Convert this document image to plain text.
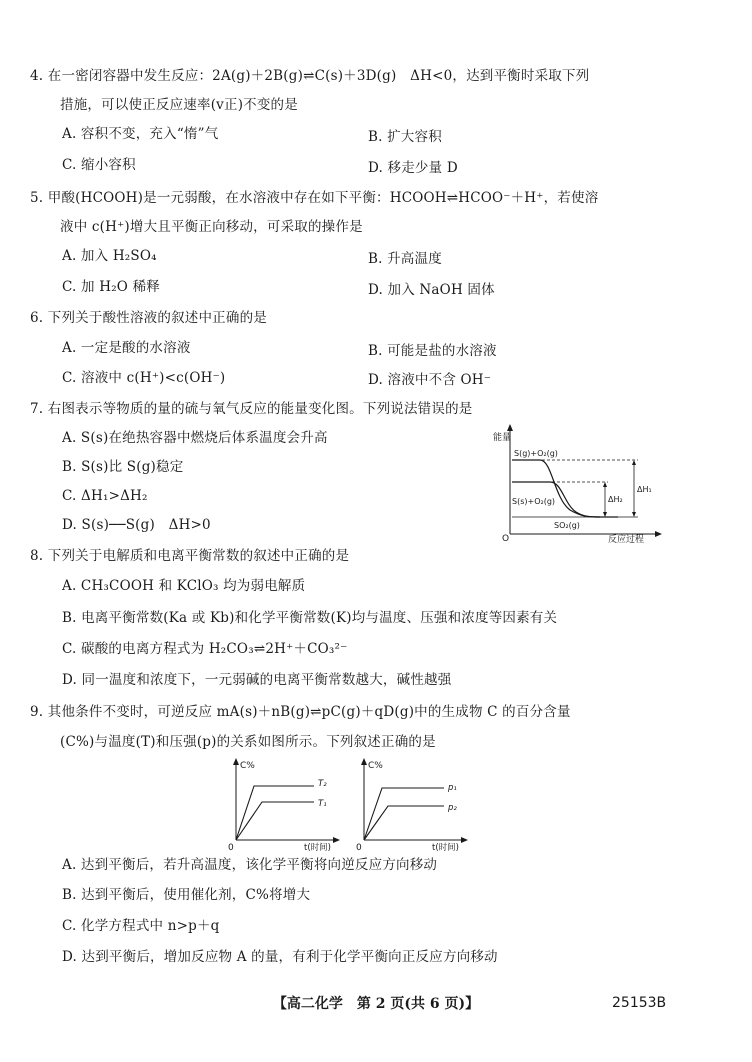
4. 在一密闭容器中发生反应：2A(g)＋2B(g)⇌C(s)＋3D(g)　ΔH<0，达到平衡时采取下列
措施，可以使正反应速率(v正)不变的是
A. 容积不变，充入“惰”气	B. 扩大容积
C. 缩小容积	D. 移走少量 D
5. 甲酸(HCOOH)是一元弱酸，在水溶液中存在如下平衡：HCOOH⇌HCOO⁻＋H⁺，若使溶
液中 c(H⁺)增大且平衡正向移动，可采取的操作是
A. 加入 H₂SO₄	B. 升高温度
C. 加 H₂O 稀释	D. 加入 NaOH 固体
6. 下列关于酸性溶液的叙述中正确的是
A. 一定是酸的水溶液	B. 可能是盐的水溶液
C. 溶液中 c(H⁺)<c(OH⁻)	D. 溶液中不含 OH⁻
7. 右图表示等物质的量的硫与氧气反应的能量变化图。下列说法错误的是
A. S(s)在绝热容器中燃烧后体系温度会升高
B. S(s)比 S(g)稳定
C. ΔH₁>ΔH₂
D. S(s)──S(g)　ΔH>0
能量
O	反应过程
S(g)+O₂(g)
S(s)+O₂(g)
SO₂(g)
ΔH₂
ΔH₁
8. 下列关于电解质和电离平衡常数的叙述中正确的是
A. CH₃COOH 和 KClO₃ 均为弱电解质
B. 电离平衡常数(Ka 或 Kb)和化学平衡常数(K)均与温度、压强和浓度等因素有关
C. 碳酸的电离方程式为 H₂CO₃⇌2H⁺＋CO₃²⁻
D. 同一温度和浓度下，一元弱碱的电离平衡常数越大，碱性越强
9. 其他条件不变时，可逆反应 mA(s)＋nB(g)⇌pC(g)＋qD(g)中的生成物 C 的百分含量
(C%)与温度(T)和压强(p)的关系如图所示。下列叙述正确的是
C%
0	t(时间)
T₂
T₁
C%
0	t(时间)
p₁
p₂
A. 达到平衡后，若升高温度，该化学平衡将向逆反应方向移动
B. 达到平衡后，使用催化剂，C%将增大
C. 化学方程式中 n>p＋q
D. 达到平衡后，增加反应物 A 的量，有利于化学平衡向正反应方向移动
【高二化学　第 2 页(共 6 页)】	25153B
